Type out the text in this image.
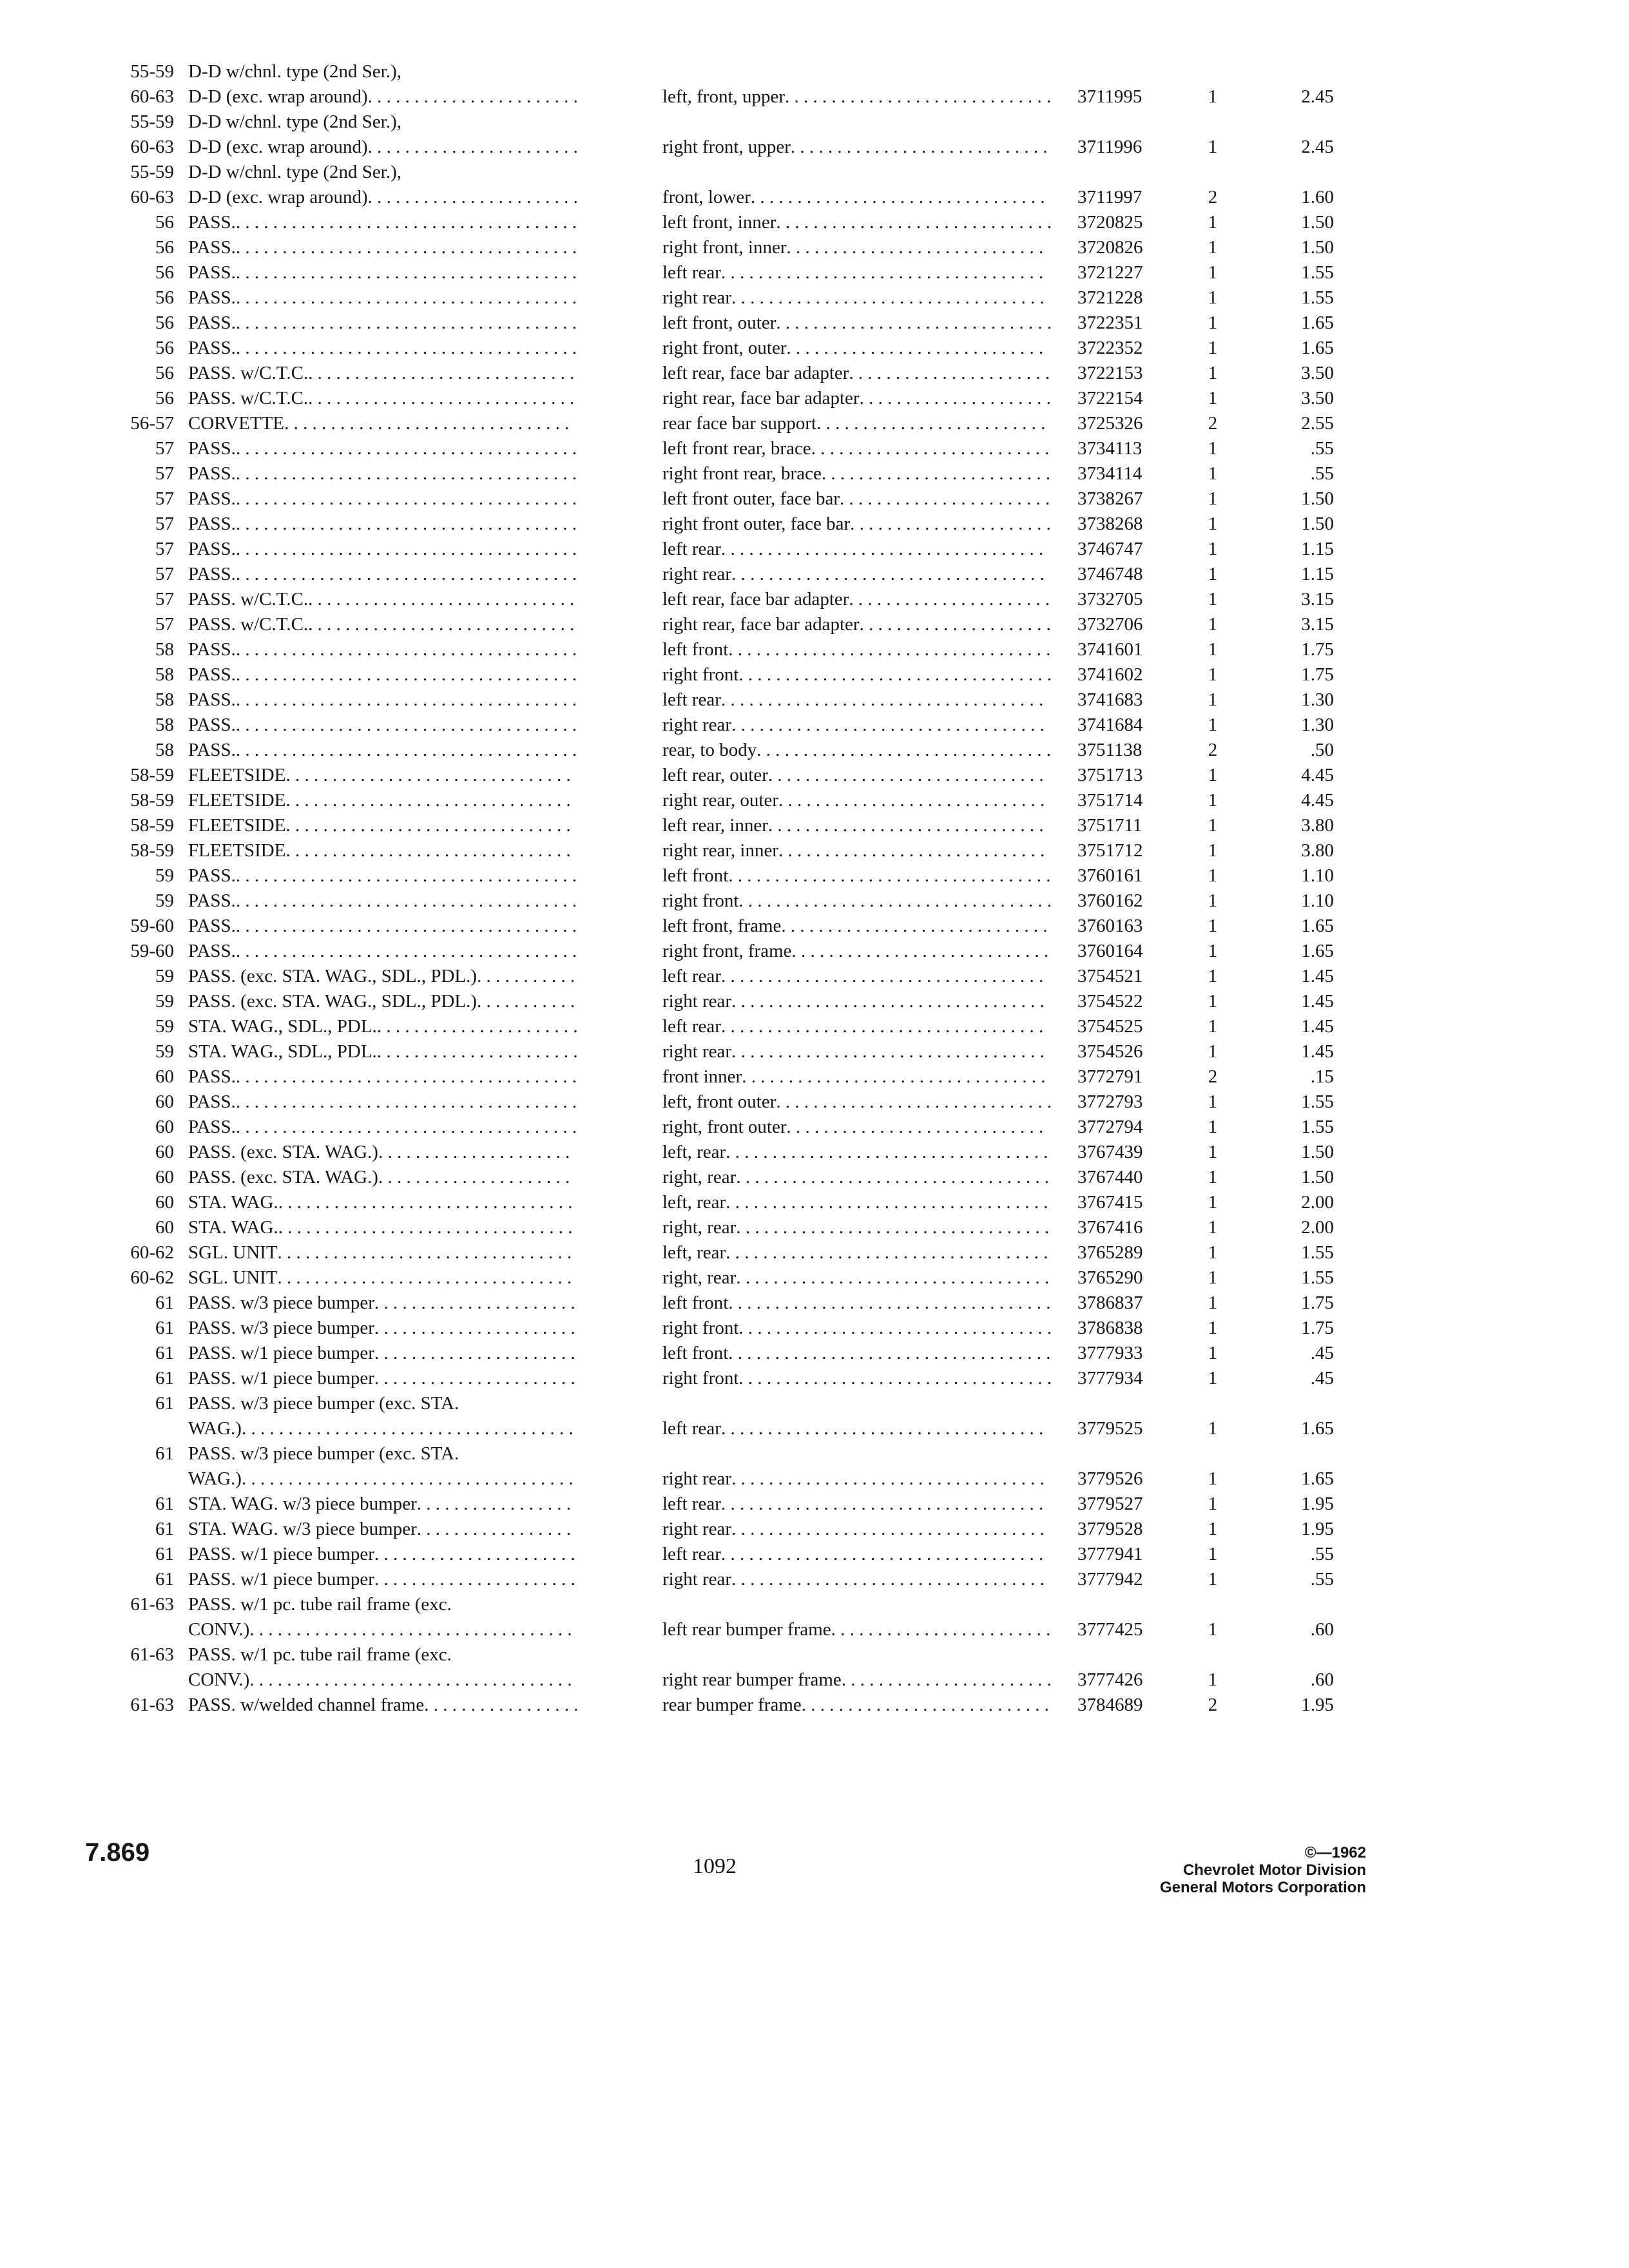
55-59 D-D w/chnl. type (2nd Ser.),
60-63 D-D (exc. wrap around). . . . . . . . . . . . . . . . . . . . . . .	left, front, upper. . . . . . . . . . . . . . . . . . . . . . . . . . . . . 3711995	1	2.45
55-59 D-D w/chnl. type (2nd Ser.),
60-63 D-D (exc. wrap around). . . . . . . . . . . . . . . . . . . . . . .	right front, upper. . . . . . . . . . . . . . . . . . . . . . . . . . . . 3711996	1	2.45
55-59 D-D w/chnl. type (2nd Ser.),
60-63 D-D (exc. wrap around). . . . . . . . . . . . . . . . . . . . . . .	front, lower. . . . . . . . . . . . . . . . . . . . . . . . . . . . . . . . 3711997	2	1.60
56 PASS.. . . . . . . . . . . . . . . . . . . . . . . . . . . . . . . . . . . . .	left front, inner. . . . . . . . . . . . . . . . . . . . . . . . . . . . . . 3720825	1	1.50
56 PASS.. . . . . . . . . . . . . . . . . . . . . . . . . . . . . . . . . . . . .	right front, inner. . . . . . . . . . . . . . . . . . . . . . . . . . . . 3720826	1	1.50
56 PASS.. . . . . . . . . . . . . . . . . . . . . . . . . . . . . . . . . . . . .	left rear. . . . . . . . . . . . . . . . . . . . . . . . . . . . . . . . . . . 3721227	1	1.55
56 PASS.. . . . . . . . . . . . . . . . . . . . . . . . . . . . . . . . . . . . .	right rear. . . . . . . . . . . . . . . . . . . . . . . . . . . . . . . . . . 3721228	1	1.55
56 PASS.. . . . . . . . . . . . . . . . . . . . . . . . . . . . . . . . . . . . .	left front, outer. . . . . . . . . . . . . . . . . . . . . . . . . . . . . . 3722351	1	1.65
56 PASS.. . . . . . . . . . . . . . . . . . . . . . . . . . . . . . . . . . . . .	right front, outer. . . . . . . . . . . . . . . . . . . . . . . . . . . . 3722352	1	1.65
56 PASS. w/C.T.C.. . . . . . . . . . . . . . . . . . . . . . . . . . . . .	left rear, face bar adapter. . . . . . . . . . . . . . . . . . . . . . 3722153	1	3.50
56 PASS. w/C.T.C.. . . . . . . . . . . . . . . . . . . . . . . . . . . . .	right rear, face bar adapter. . . . . . . . . . . . . . . . . . . . . 3722154	1	3.50
56-57 CORVETTE. . . . . . . . . . . . . . . . . . . . . . . . . . . . . . .	rear face bar support. . . . . . . . . . . . . . . . . . . . . . . . . 3725326	2	2.55
57 PASS.. . . . . . . . . . . . . . . . . . . . . . . . . . . . . . . . . . . . .	left front rear, brace. . . . . . . . . . . . . . . . . . . . . . . . . . 3734113	1	.55
57 PASS.. . . . . . . . . . . . . . . . . . . . . . . . . . . . . . . . . . . . .	right front rear, brace. . . . . . . . . . . . . . . . . . . . . . . . . 3734114	1	.55
57 PASS.. . . . . . . . . . . . . . . . . . . . . . . . . . . . . . . . . . . . .	left front outer, face bar. . . . . . . . . . . . . . . . . . . . . . . 3738267	1	1.50
57 PASS.. . . . . . . . . . . . . . . . . . . . . . . . . . . . . . . . . . . . .	right front outer, face bar. . . . . . . . . . . . . . . . . . . . . . 3738268	1	1.50
57 PASS.. . . . . . . . . . . . . . . . . . . . . . . . . . . . . . . . . . . . .	left rear. . . . . . . . . . . . . . . . . . . . . . . . . . . . . . . . . . . 3746747	1	1.15
57 PASS.. . . . . . . . . . . . . . . . . . . . . . . . . . . . . . . . . . . . .	right rear. . . . . . . . . . . . . . . . . . . . . . . . . . . . . . . . . . 3746748	1	1.15
57 PASS. w/C.T.C.. . . . . . . . . . . . . . . . . . . . . . . . . . . . .	left rear, face bar adapter. . . . . . . . . . . . . . . . . . . . . . 3732705	1	3.15
57 PASS. w/C.T.C.. . . . . . . . . . . . . . . . . . . . . . . . . . . . .	right rear, face bar adapter. . . . . . . . . . . . . . . . . . . . . 3732706	1	3.15
58 PASS.. . . . . . . . . . . . . . . . . . . . . . . . . . . . . . . . . . . . .	left front. . . . . . . . . . . . . . . . . . . . . . . . . . . . . . . . . . . 3741601	1	1.75
58 PASS.. . . . . . . . . . . . . . . . . . . . . . . . . . . . . . . . . . . . .	right front. . . . . . . . . . . . . . . . . . . . . . . . . . . . . . . . . . 3741602	1	1.75
58 PASS.. . . . . . . . . . . . . . . . . . . . . . . . . . . . . . . . . . . . .	left rear. . . . . . . . . . . . . . . . . . . . . . . . . . . . . . . . . . . 3741683	1	1.30
58 PASS.. . . . . . . . . . . . . . . . . . . . . . . . . . . . . . . . . . . . .	right rear. . . . . . . . . . . . . . . . . . . . . . . . . . . . . . . . . . 3741684	1	1.30
58 PASS.. . . . . . . . . . . . . . . . . . . . . . . . . . . . . . . . . . . . .	rear, to body. . . . . . . . . . . . . . . . . . . . . . . . . . . . . . . . 3751138	2	.50
58-59 FLEETSIDE. . . . . . . . . . . . . . . . . . . . . . . . . . . . . . .	left rear, outer. . . . . . . . . . . . . . . . . . . . . . . . . . . . . . 3751713	1	4.45
58-59 FLEETSIDE. . . . . . . . . . . . . . . . . . . . . . . . . . . . . . .	right rear, outer. . . . . . . . . . . . . . . . . . . . . . . . . . . . . 3751714	1	4.45
58-59 FLEETSIDE. . . . . . . . . . . . . . . . . . . . . . . . . . . . . . .	left rear, inner. . . . . . . . . . . . . . . . . . . . . . . . . . . . . . 3751711	1	3.80
58-59 FLEETSIDE. . . . . . . . . . . . . . . . . . . . . . . . . . . . . . .	right rear, inner. . . . . . . . . . . . . . . . . . . . . . . . . . . . . 3751712	1	3.80
59 PASS.. . . . . . . . . . . . . . . . . . . . . . . . . . . . . . . . . . . . .	left front. . . . . . . . . . . . . . . . . . . . . . . . . . . . . . . . . . . 3760161	1	1.10
59 PASS.. . . . . . . . . . . . . . . . . . . . . . . . . . . . . . . . . . . . .	right front. . . . . . . . . . . . . . . . . . . . . . . . . . . . . . . . . . 3760162	1	1.10
59-60 PASS.. . . . . . . . . . . . . . . . . . . . . . . . . . . . . . . . . . . . .	left front, frame. . . . . . . . . . . . . . . . . . . . . . . . . . . . . 3760163	1	1.65
59-60 PASS.. . . . . . . . . . . . . . . . . . . . . . . . . . . . . . . . . . . . .	right front, frame. . . . . . . . . . . . . . . . . . . . . . . . . . . . 3760164	1	1.65
59 PASS. (exc. STA. WAG., SDL., PDL.). . . . . . . . . . .	left rear. . . . . . . . . . . . . . . . . . . . . . . . . . . . . . . . . . . 3754521	1	1.45
59 PASS. (exc. STA. WAG., SDL., PDL.). . . . . . . . . . .	right rear. . . . . . . . . . . . . . . . . . . . . . . . . . . . . . . . . . 3754522	1	1.45
59 STA. WAG., SDL., PDL.. . . . . . . . . . . . . . . . . . . . . .	left rear. . . . . . . . . . . . . . . . . . . . . . . . . . . . . . . . . . . 3754525	1	1.45
59 STA. WAG., SDL., PDL.. . . . . . . . . . . . . . . . . . . . . .	right rear. . . . . . . . . . . . . . . . . . . . . . . . . . . . . . . . . . 3754526	1	1.45
60 PASS.. . . . . . . . . . . . . . . . . . . . . . . . . . . . . . . . . . . . .	front inner. . . . . . . . . . . . . . . . . . . . . . . . . . . . . . . . . 3772791	2	.15
60 PASS.. . . . . . . . . . . . . . . . . . . . . . . . . . . . . . . . . . . . .	left, front outer. . . . . . . . . . . . . . . . . . . . . . . . . . . . . . 3772793	1	1.55
60 PASS.. . . . . . . . . . . . . . . . . . . . . . . . . . . . . . . . . . . . .	right, front outer. . . . . . . . . . . . . . . . . . . . . . . . . . . . 3772794	1	1.55
60 PASS. (exc. STA. WAG.). . . . . . . . . . . . . . . . . . . . .	left, rear. . . . . . . . . . . . . . . . . . . . . . . . . . . . . . . . . . . 3767439	1	1.50
60 PASS. (exc. STA. WAG.). . . . . . . . . . . . . . . . . . . . .	right, rear. . . . . . . . . . . . . . . . . . . . . . . . . . . . . . . . . . 3767440	1	1.50
60 STA. WAG.. . . . . . . . . . . . . . . . . . . . . . . . . . . . . . . .	left, rear. . . . . . . . . . . . . . . . . . . . . . . . . . . . . . . . . . . 3767415	1	2.00
60 STA. WAG.. . . . . . . . . . . . . . . . . . . . . . . . . . . . . . . .	right, rear. . . . . . . . . . . . . . . . . . . . . . . . . . . . . . . . . . 3767416	1	2.00
60-62 SGL. UNIT. . . . . . . . . . . . . . . . . . . . . . . . . . . . . . . .	left, rear. . . . . . . . . . . . . . . . . . . . . . . . . . . . . . . . . . . 3765289	1	1.55
60-62 SGL. UNIT. . . . . . . . . . . . . . . . . . . . . . . . . . . . . . . .	right, rear. . . . . . . . . . . . . . . . . . . . . . . . . . . . . . . . . . 3765290	1	1.55
61 PASS. w/3 piece bumper. . . . . . . . . . . . . . . . . . . . . .	left front. . . . . . . . . . . . . . . . . . . . . . . . . . . . . . . . . . . 3786837	1	1.75
61 PASS. w/3 piece bumper. . . . . . . . . . . . . . . . . . . . . .	right front. . . . . . . . . . . . . . . . . . . . . . . . . . . . . . . . . . 3786838	1	1.75
61 PASS. w/1 piece bumper. . . . . . . . . . . . . . . . . . . . . .	left front. . . . . . . . . . . . . . . . . . . . . . . . . . . . . . . . . . . 3777933	1	.45
61 PASS. w/1 piece bumper. . . . . . . . . . . . . . . . . . . . . .	right front. . . . . . . . . . . . . . . . . . . . . . . . . . . . . . . . . . 3777934	1	.45
61 PASS. w/3 piece bumper (exc. STA.
WAG.). . . . . . . . . . . . . . . . . . . . . . . . . . . . . . . . . . . .	left rear. . . . . . . . . . . . . . . . . . . . . . . . . . . . . . . . . . . 3779525	1	1.65
61 PASS. w/3 piece bumper (exc. STA.
WAG.). . . . . . . . . . . . . . . . . . . . . . . . . . . . . . . . . . . .	right rear. . . . . . . . . . . . . . . . . . . . . . . . . . . . . . . . . . 3779526	1	1.65
61 STA. WAG. w/3 piece bumper. . . . . . . . . . . . . . . . .	left rear. . . . . . . . . . . . . . . . . . . . . . . . . . . . . . . . . . . 3779527	1	1.95
61 STA. WAG. w/3 piece bumper. . . . . . . . . . . . . . . . .	right rear. . . . . . . . . . . . . . . . . . . . . . . . . . . . . . . . . . 3779528	1	1.95
61 PASS. w/1 piece bumper. . . . . . . . . . . . . . . . . . . . . .	left rear. . . . . . . . . . . . . . . . . . . . . . . . . . . . . . . . . . . 3777941	1	.55
61 PASS. w/1 piece bumper. . . . . . . . . . . . . . . . . . . . . .	right rear. . . . . . . . . . . . . . . . . . . . . . . . . . . . . . . . . . 3777942	1	.55
61-63 PASS. w/1 pc. tube rail frame (exc.
CONV.). . . . . . . . . . . . . . . . . . . . . . . . . . . . . . . . . . .	left rear bumper frame. . . . . . . . . . . . . . . . . . . . . . . . 3777425	1	.60
61-63 PASS. w/1 pc. tube rail frame (exc.
CONV.). . . . . . . . . . . . . . . . . . . . . . . . . . . . . . . . . . .	right rear bumper frame. . . . . . . . . . . . . . . . . . . . . . . 3777426	1	.60
61-63 PASS. w/welded channel frame. . . . . . . . . . . . . . . . .	rear bumper frame. . . . . . . . . . . . . . . . . . . . . . . . . . . 3784689	2	1.95
7.869	1092
©—1962
Chevrolet Motor Division
General Motors Corporation
